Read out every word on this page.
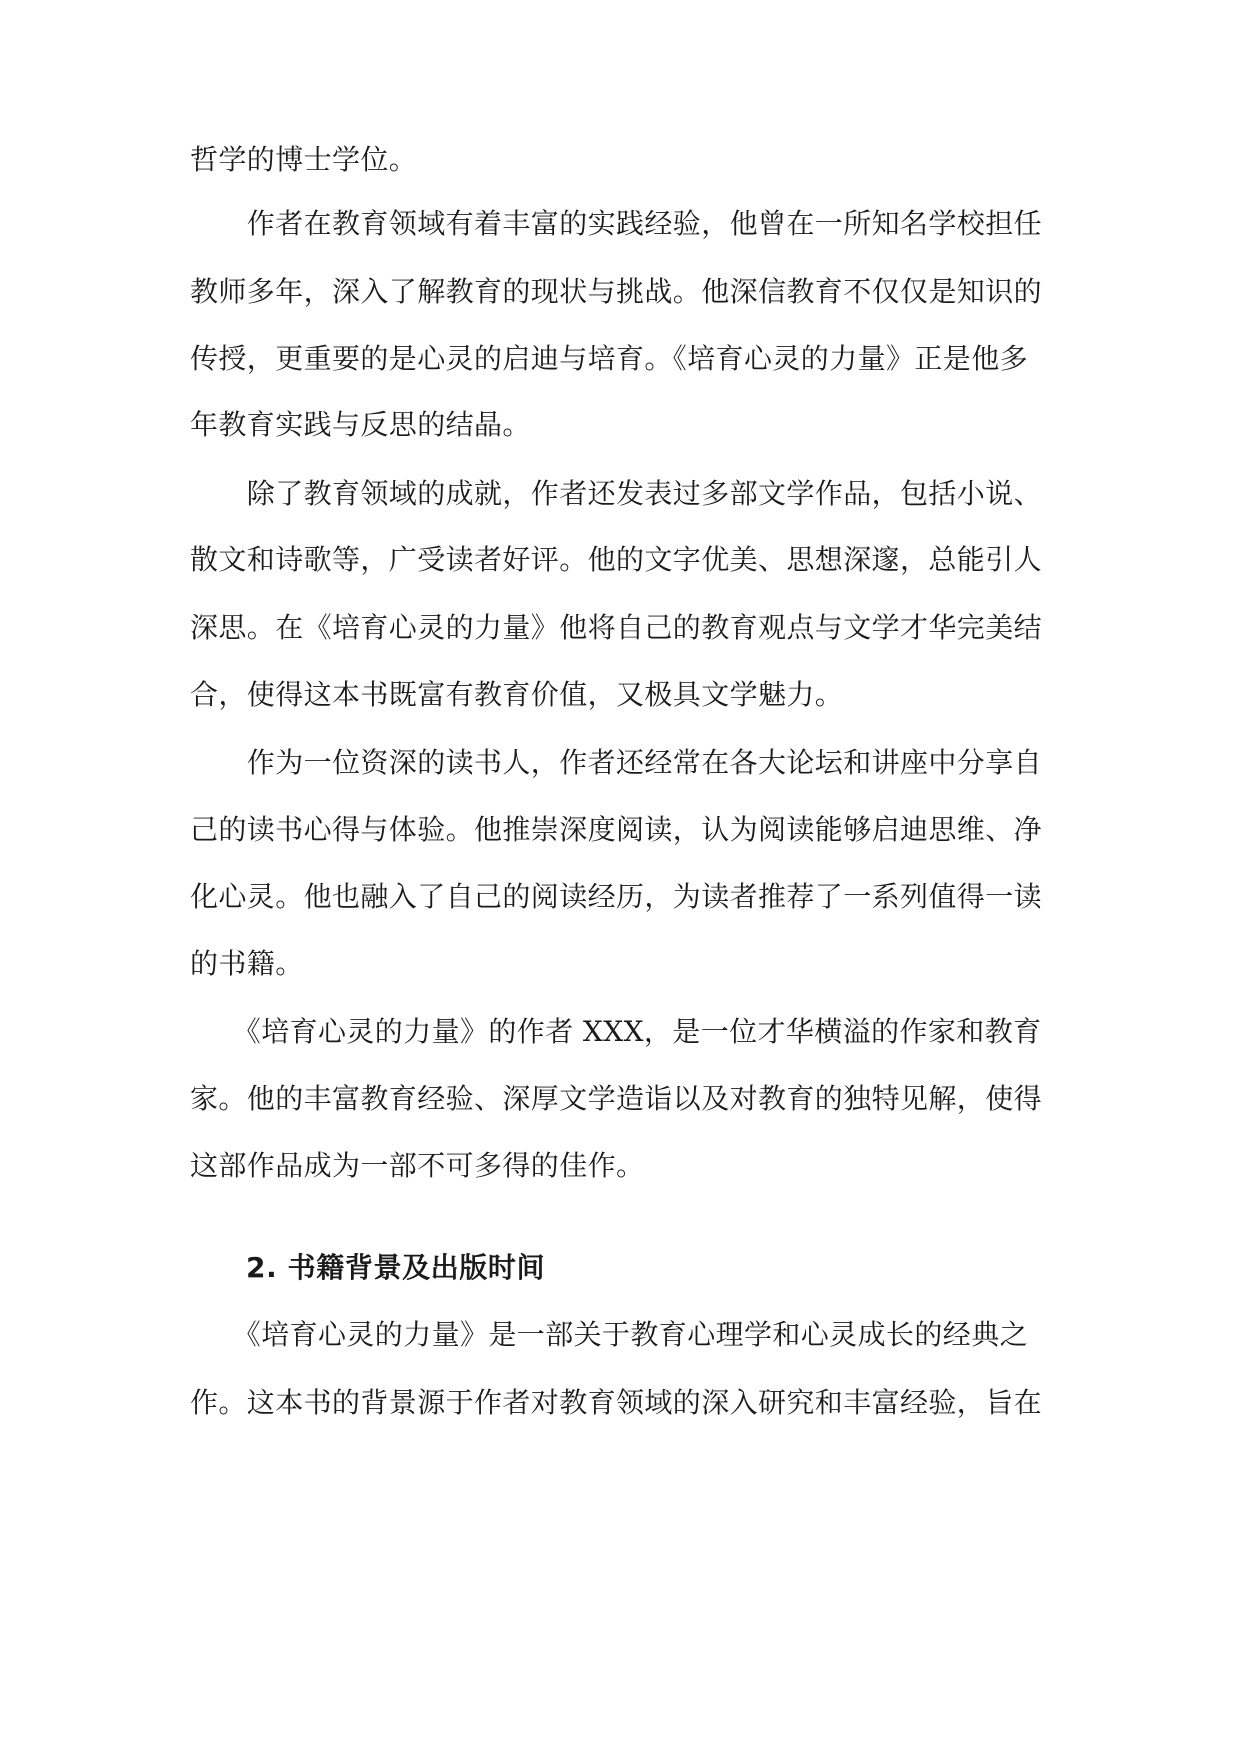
哲学的博士学位。
　　作者在教育领域有着丰富的实践经验，他曾在一所知名学校担任
教师多年，深入了解教育的现状与挑战。他深信教育不仅仅是知识的
传授，更重要的是心灵的启迪与培育。《培育心灵的力量》正是他多
年教育实践与反思的结晶。
　　除了教育领域的成就，作者还发表过多部文学作品，包括小说、
散文和诗歌等，广受读者好评。他的文字优美、思想深邃，总能引人
深思。在《培育心灵的力量》他将自己的教育观点与文学才华完美结
合，使得这本书既富有教育价值，又极具文学魅力。
　　作为一位资深的读书人，作者还经常在各大论坛和讲座中分享自
己的读书心得与体验。他推崇深度阅读，认为阅读能够启迪思维、净
化心灵。他也融入了自己的阅读经历，为读者推荐了一系列值得一读
的书籍。
　　《培育心灵的力量》的作者 XXX，是一位才华横溢的作家和教育
家。他的丰富教育经验、深厚文学造诣以及对教育的独特见解，使得
这部作品成为一部不可多得的佳作。
2. 书籍背景及出版时间
　　《培育心灵的力量》是一部关于教育心理学和心灵成长的经典之
作。这本书的背景源于作者对教育领域的深入研究和丰富经验，旨在
